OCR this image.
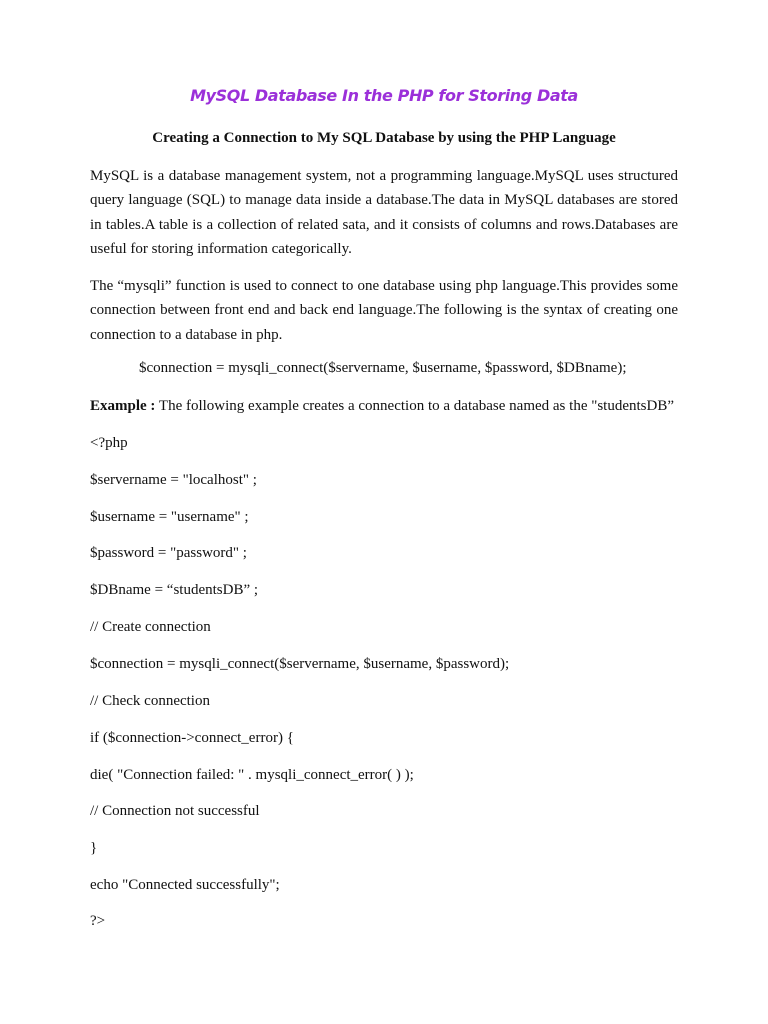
MySQL Database In the PHP for Storing Data
Creating a Connection to My SQL Database by using the PHP Language

MySQL is a database management system, not a programming language.MySQL uses structured query language (SQL) to manage data inside a database.The data in MySQL databases are stored in tables.A table is a collection of related sata, and it consists of columns and rows.Databases are useful for storing information categorically.

The “mysqli” function is used to connect to one database using php language.This provides some connection between front end and back end language.The following is the syntax of creating one connection to a database in php.

$connection = mysqli_connect($servername, $username, $password, $DBname);
Example : The following example creates a connection to a database named as the "studentsDB”
<?php
$servername = "localhost" ;
$username = "username" ;
$password = "password" ;
$DBname = “studentsDB” ;
// Create connection
$connection = mysqli_connect($servername, $username, $password);
// Check connection
if ($connection->connect_error) {
die( "Connection failed: " . mysqli_connect_error( ) );
// Connection not successful
}
echo "Connected successfully";
?>
